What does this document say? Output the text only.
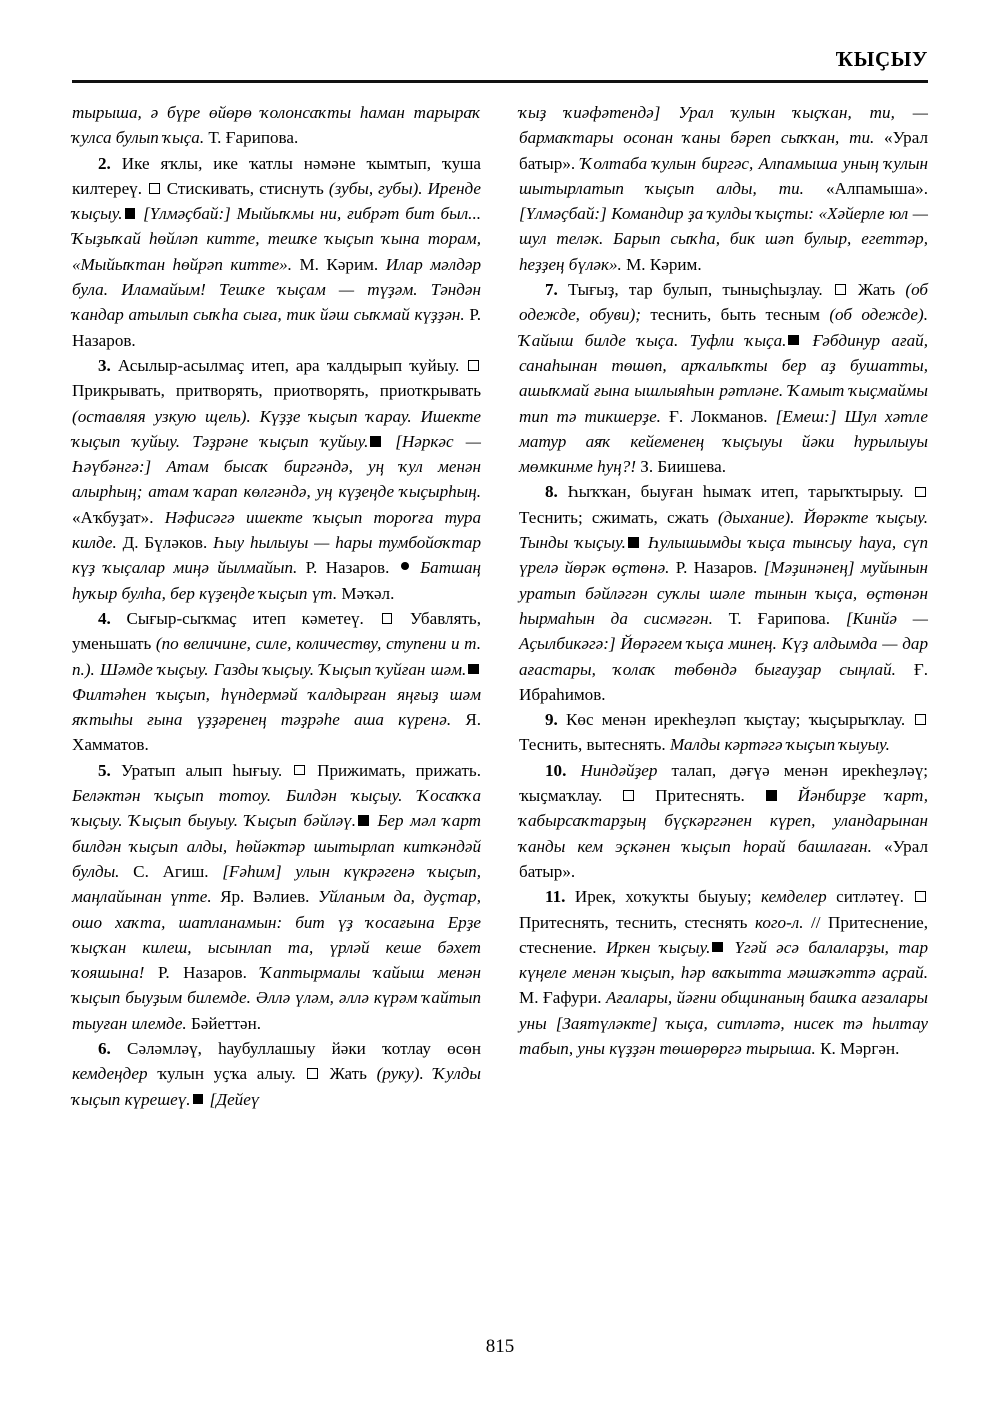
ҠЫҪЫУ

тырыша, ә бүре өйөрө ҡолонсаҡты һаман тарыраҡ ҡулса булып ҡыҫа. Т. Ғарипова.

2. Ике яҡлы, ике ҡатлы нәмәне ҡымтып, ҡуша килтереү.  Стискивать, стиснуть (зубы, губы). Иренде ҡыҫыу. [Үлмәҫбай:] Мыйыҡмы ни, ғибрәт бит был... Ҡыҙыҡай һөйләп китте, тешҡе ҡыҫып ҡына торам, «Мыйыҡтан һөйрәп китте». М. Кәрим. Илар мәлдәр була. Иламайым! Тешҡе ҡыҫам — түҙәм. Тәндән ҡандар атылып сыҡһа сыға, тик йәш сыҡмай күҙҙән. Р. Назаров.

3. Асылыр-асылмаҫ итеп, ара ҡалдырып ҡуйыу.  Прикрывать, притворять, приотворять, приоткрывать (оставляя узкую щель). Күҙҙе ҡыҫып ҡарау. Ишекте ҡыҫып ҡуйыу. Тәҙрәне ҡыҫып ҡуйыу. [Нәркәс — Һәүбәнгә:] Атам бысаҡ биргәндә, уң ҡул менән алырһың; атам ҡарап көлгәндә, уң күҙеңде ҡыҫырһың. «Аҡбуҙат». Нәфисәгә ишекте ҡыҫып тороrға тура килде. Д. Бүләков. Һыу һылыуы — һары тумбойоҡтар күҙ ҡыҫалар миңә йылмайып. Р. Назаров.  Батшаң һуҡыр булһа, бер күҙеңде ҡыҫып үт. Мәҡәл.

4. Сығыр-сыҡмаҫ итеп кәметеү.  Убавлять, уменьшать (по величине, силе, количеству, ступени и т. п.). Шәмде ҡыҫыу. Газды ҡыҫыу. Ҡыҫып ҡуйған шәм. Филтәһен ҡыҫып, һүндермәй ҡалдырған яңғыҙ шәм яҡтыһы ғына үҙҙәренең тәҙрәһе аша күренә. Я. Хамматов.

5. Уратып алып һығыу.  Прижимать, прижать. Беләктән ҡыҫып тотоу. Билдән ҡыҫыу. Ҡосаҡҡа ҡыҫыу. Ҡыҫып быуыу. Ҡыҫып бәйләү. Бер мәл ҡарт билдән ҡыҫып алды, һөйәктәр шытырлап киткәндәй булды. С. Агиш. [Fәһим] улын күкрәгенә ҡыҫып, маңлайынан үпте. Яр. Вәлиев. Уйланым да, дуҫтар, ошо хаҡта, шатланамын: бит үҙ ҡосағына Ерҙе ҡыҫҡан килеш, ысынлап та, үрләй кеше бәхет ҡояшына! Р. Назаров. Ҡаптырмалы ҡайыш менән ҡыҫып быуҙым билемде. Әллә үләм, әллә күрәм ҡайтып тыуған илемде. Бәйеттән.

6. Сәләмләү, һаубуллашыу йәки ҡотлау өсөн кемдеңдер ҡулын уҫҡа алыу.  Жать (руку). Ҡулды ҡыҫып күрешеү. [Дейеү

ҡыҙ ҡиәфәтендә] Урал ҡулын ҡыҫҡан, ти, — бармаҡтары осонан ҡаны бәреп сыҡҡан, ти. «Урал батыр». Ҡолтаба ҡулын биргәс, Алпамыша уның ҡулын шытырлатып ҡыҫып алды, ти. «Алпамыша». [Үлмәҫбай:] Командир ҙа ҡулды ҡыҫты: «Хәйерле юл — шул теләк. Барып сыҡһа, бик шәп булыр, егеттәр, һеҙҙең бүләк». М. Кәрим.

7. Тығыҙ, тар булып, тыныҫһыҙлау.  Жать (об одежде, обуви); теснить, быть тесным (об одежде). Ҡайыш билде ҡыҫа. Туфли ҡыҫа. Ғәбдинур ағай, санаһынан төшөп, арҡалыҡты бер аҙ бушатты, ашыҡмай ғына ышлыяһын рәтләне. Ҡамыт ҡыҫмаймы тип тә тикшерҙе. Ғ. Локманов. [Емеш:] Шул хәтле матур аяҡ кейеменең ҡыҫыуы йәки һурылыуы мөмкинме һуң?! З. Биишева.

8. Һыҡҡан, быуған һымаҡ итеп, тарыҡтырыу.  Теснить; сжимать, сжать (дыхание). Йөрәкте ҡыҫыу. Тынды ҡыҫыу. Һулышымды ҡыҫа тынсыу һауа, сүп үрелә йөрәк өҫтөнә. Р. Назаров. [Мәҙинәнең] муйынын уратып бәйләгән суҡлы шәле тынын ҡыҫа, өҫтөнән һырмаһын да сисмәгән. Т. Ғарипова. [Кинйә — Аҫылбикәгә:] Йөрәгем ҡыҫа минең. Күҙ алдымда — дар ағастары, ҡолаҡ төбөндә бығауҙар сыңлай. Ғ. Ибраһимов.

9. Көс менән ирекһеҙләп ҡыҫтау; ҡыҫырыҡлау.  Теснить, вытеснять. Малды кәртәгә ҡыҫып ҡыуыу.

10. Ниндәйҙер талап, дәғүә менән ирекһеҙләү; ҡыҫмаҡлау.  Притеснять.  Йәнбирҙе ҡарт, ҡабырсаҡтарҙың бүҫкәргәнен күреп, уландарынан ҡанды кем эҫкәнен ҡыҫып һорай башлаған. «Урал батыр».

11. Ирек, хоҡуҡты быуыу; кемделер ситләтеү.  Притеснять, теснить, стеснять кого-л. // Притеснение, стеснение. Иркен ҡыҫыу. Үгәй әсә балаларҙы, тар күңеле менән ҡыҫып, һәр ваҡытта мәшәҡәттә аҫрай. М. Ғафури. Ағалары, йәғни общинаның башҡа ағзалары уны [Заятүләкте] ҡыҫа, ситләтә, нисек тә һылтау табып, уны күҙҙән төшөрөргә тырыша. К. Мәргән.

815
